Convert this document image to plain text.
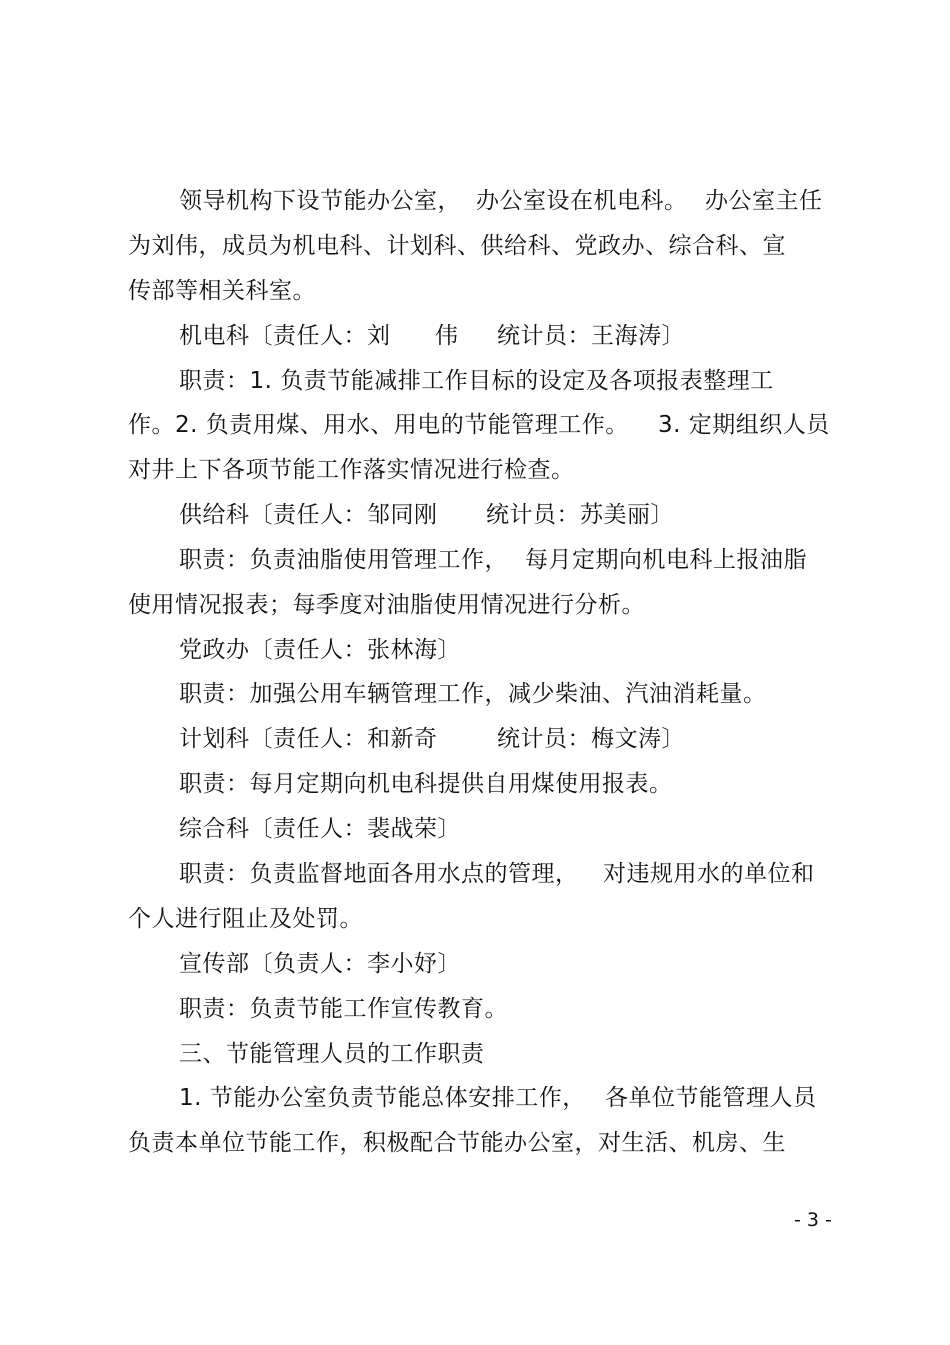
领导机构下设节能办公室， 办公室设在机电科。 办公室主任
为刘伟，成员为机电科、计划科、供给科、党政办、综合科、宣
传部等相关科室。
机电科〔责任人：刘 伟 统计员：王海涛〕
职责：1. 负责节能减排工作目标的设定及各项报表整理工
作。2. 负责用煤、用水、用电的节能管理工作。 3. 定期组织人员
对井上下各项节能工作落实情况进行检查。
供给科〔责任人：邹同刚 统计员：苏美丽〕
职责：负责油脂使用管理工作， 每月定期向机电科上报油脂
使用情况报表；每季度对油脂使用情况进行分析。
党政办〔责任人：张林海〕
职责：加强公用车辆管理工作，减少柴油、汽油消耗量。
计划科〔责任人：和新奇	统计员：梅文涛〕
职责：每月定期向机电科提供自用煤使用报表。
综合科〔责任人：裴战荣〕
职责：负责监督地面各用水点的管理， 对违规用水的单位和
个人进行阻止及处罚。
宣传部〔负责人：李小妤〕
职责：负责节能工作宣传教育。
三、节能管理人员的工作职责
1. 节能办公室负责节能总体安排工作， 各单位节能管理人员
负责本单位节能工作，积极配合节能办公室，对生活、机房、生
- 3 -
